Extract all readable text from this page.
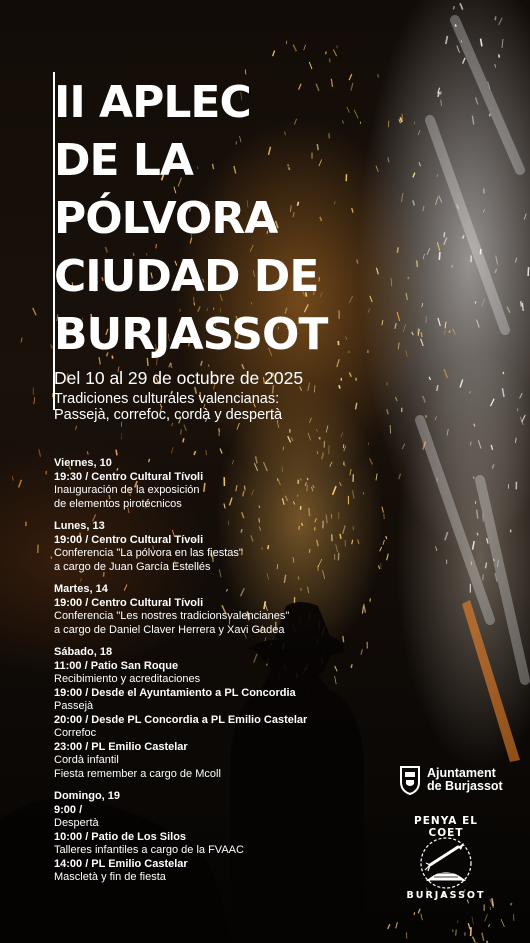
II APLEC
DE LA
PÓLVORA
CIUDAD DE
BURJASSOT
Del 10 al 29 de octubre de 2025
Tradiciones culturales valencianas:
Passejà, correfoc, cordà y despertà
Viernes, 10
19:30 / Centro Cultural Tívoli
Inauguración de la exposición
de elementos pirotécnicos
Lunes, 13
19:00 / Centro Cultural Tívoli
Conferencia "La pólvora en las fiestas"
a cargo de Juan García Estellés
Martes, 14
19:00 / Centro Cultural Tívoli
Conferencia "Les nostres tradicionsvalencianes"
a cargo de Daniel Claver Herrera y Xavi Gadea
Sábado, 18
11:00 / Patio San Roque
Recibimiento y acreditaciones
19:00 / Desde el Ayuntamiento a PL Concordia
Passejà
20:00 / Desde PL Concordia a PL Emilio Castelar
Correfoc
23:00 / PL Emilio Castelar
Cordà infantil
Fiesta remember a cargo de Mcoll
Domingo, 19
9:00 /
Despertà
10:00 / Patio de Los Silos
Talleres infantiles a cargo de la FVAAC
14:00 / PL Emilio Castelar
Mascletà y fin de fiesta
Ajuntament
de Burjassot
PENYA EL COET
BURJASSOT
